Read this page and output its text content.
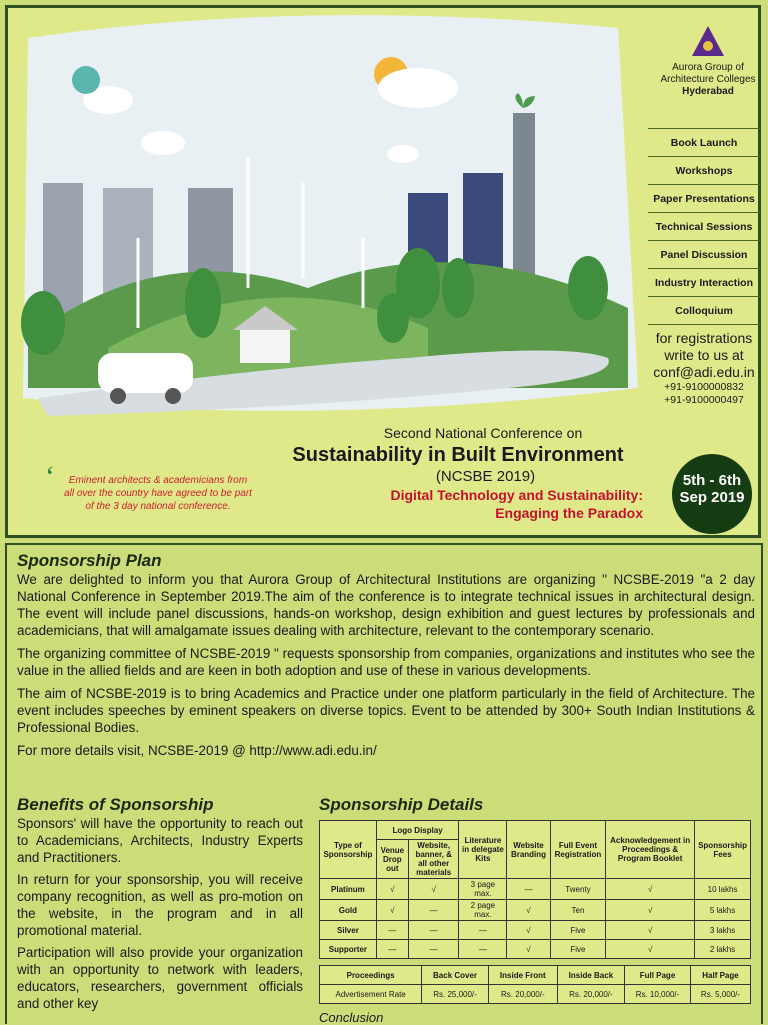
Aurora Group of
Architecture Colleges
Hyderabad
Book Launch
Workshops
Paper Presentations
Technical Sessions
Panel Discussion
Industry Interaction
Colloquium
for registrations
write to us at
conf@adi.edu.in
+91-9100000832
+91-9100000497
‘	Eminent architects & academicians from all over the country have agreed to be part of the 3 day national conference.
Second National Conference on
Sustainability in Built Environment
(NCSBE 2019)
Digital Technology and Sustainability:
Engaging the Paradox
5th - 6th
Sep 2019
Sponsorship Plan

We are delighted to inform you that Aurora Group of Architectural Institutions are organizing " NCSBE-2019 "a 2 day National Conference in September 2019.The aim of the conference is to integrate technical issues in architectural design. The event will include panel discussions, hands-on workshop, design exhibition and guest lectures by professionals and academicians, that will amalgamate issues dealing with architecture, relevant to the contemporary scenario.

The organizing committee of NCSBE-2019 " requests sponsorship from companies, organizations and institutes who see the value in the allied fields and are keen in both adoption and use of these in various developments.

The aim of NCSBE-2019 is to bring Academics and Practice under one platform particularly in the field of Architecture. The event includes speeches by eminent speakers on diverse topics. Event to be attended by 300+ South Indian Institutions & Professional Bodies.

For more details visit, NCSBE-2019 @ http://www.adi.edu.in/

Benefits of Sponsorship

Sponsors' will have the opportunity to reach out to Academicians, Architects, Industry Experts and Practitioners.

In return for your sponsorship, you will receive company recognition, as well as pro-motion on the website, in the program and in all promotional material.

Participation will also provide your organization with an opportunity to network with leaders, educators, researchers, government officials and other key

Sponsorship Details
Type of Sponsorship	Logo Display		Literature in delegate Kits	Website Branding	Full Event Registration	Acknowledgement in Proceedings & Program Booklet	Sponsorship Fees
	Venue Drop out	Website, banner, & all other materials					
Platinum	√	√	3 page max.	—	Twenty	√	10 lakhs
Gold	√	—	2 page max.	√	Ten	√	5 lakhs
Silver	—	—	—	√	Five	√	3 lakhs
Supporter	—	—	—	√	Five	√	2 lakhs
Proceedings	Back Cover	Inside Front	Inside Back	Full Page	Half Page
Advertisement Rate	Rs. 25,000/-	Rs. 20,000/-	Rs. 20,000/-	Rs. 10,000/-	Rs. 5,000/-
Conclusion
